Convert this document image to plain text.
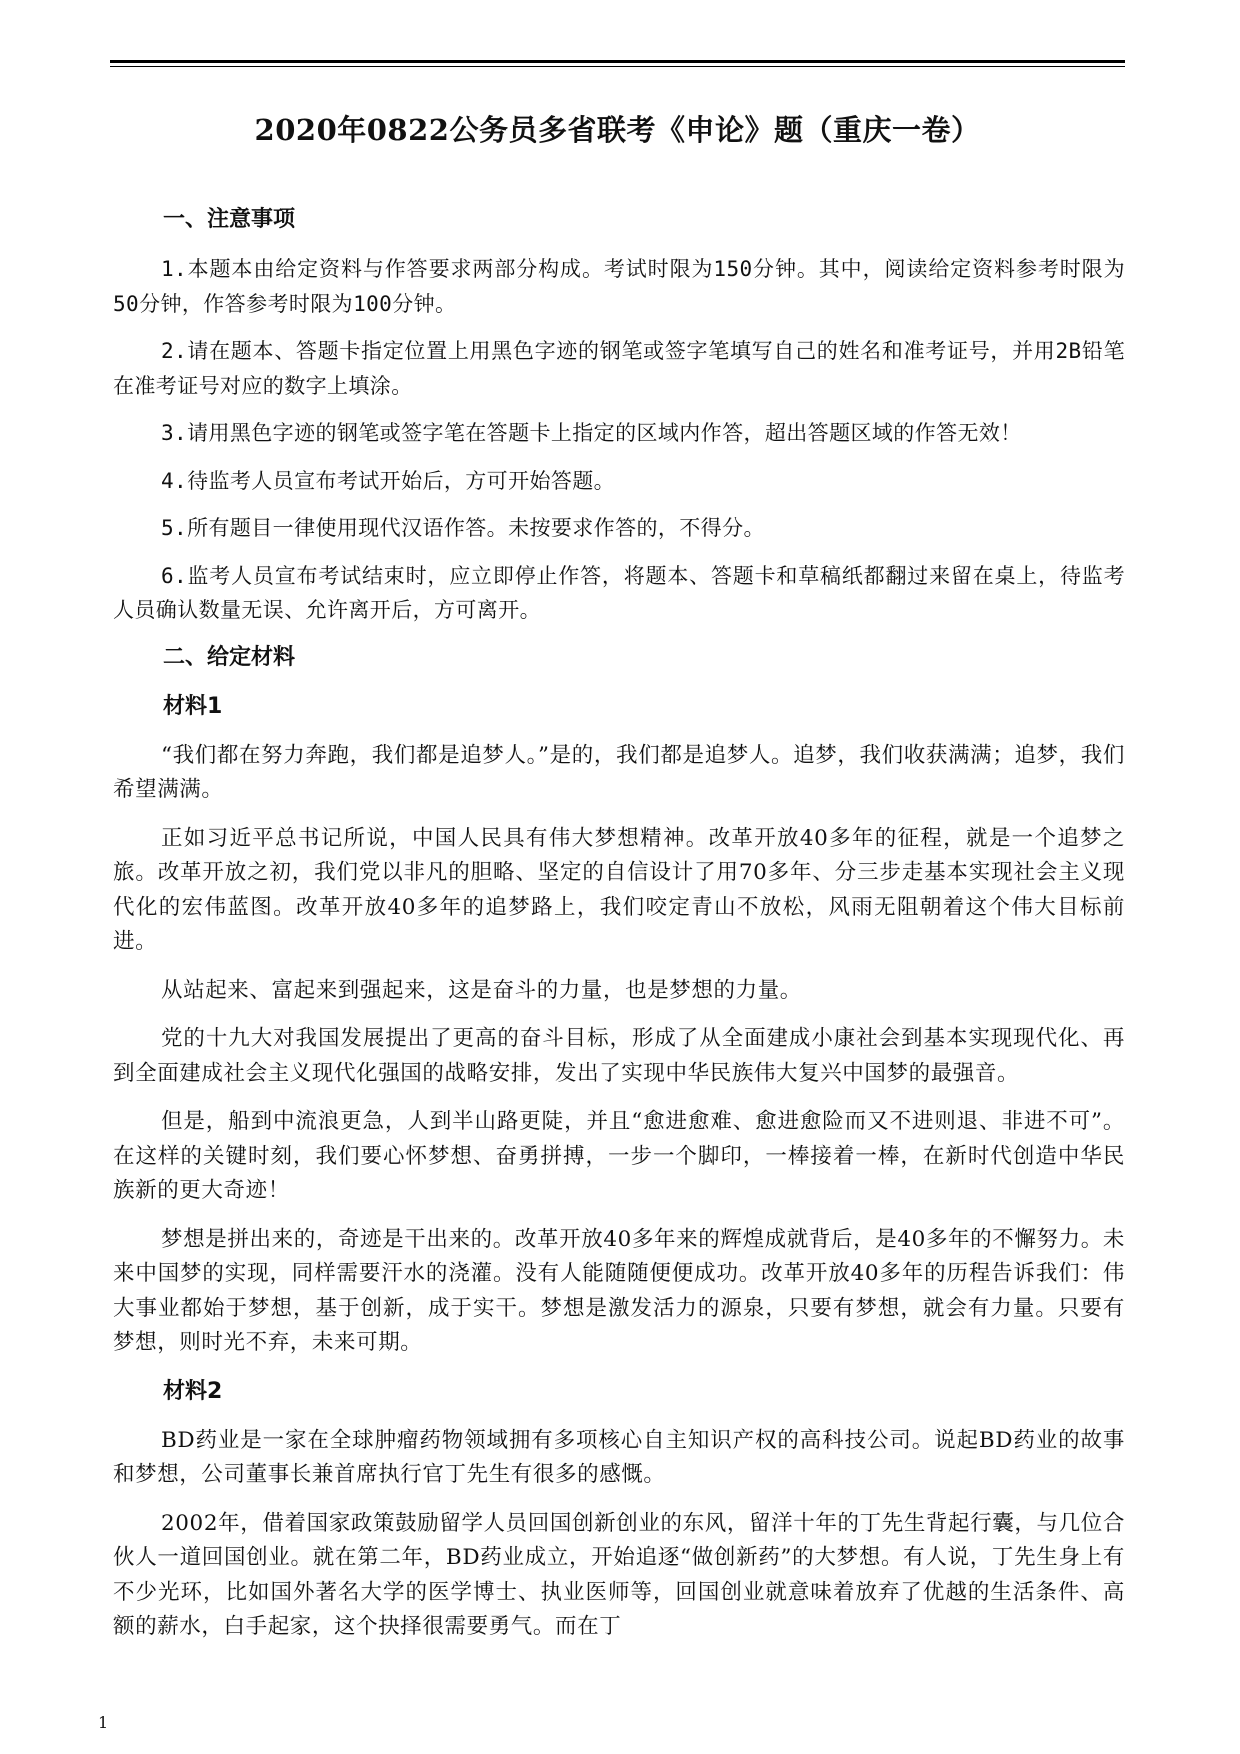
2020年0822公务员多省联考《申论》题（重庆一卷）
一、注意事项

1.本题本由给定资料与作答要求两部分构成。考试时限为150分钟。其中，阅读给定资料参考时限为50分钟，作答参考时限为100分钟。

2.请在题本、答题卡指定位置上用黑色字迹的钢笔或签字笔填写自己的姓名和准考证号，并用2B铅笔在准考证号对应的数字上填涂。

3.请用黑色字迹的钢笔或签字笔在答题卡上指定的区域内作答，超出答题区域的作答无效！

4.待监考人员宣布考试开始后，方可开始答题。

5.所有题目一律使用现代汉语作答。未按要求作答的，不得分。

6.监考人员宣布考试结束时，应立即停止作答，将题本、答题卡和草稿纸都翻过来留在桌上，待监考人员确认数量无误、允许离开后，方可离开。

二、给定材料
材料1

“我们都在努力奔跑，我们都是追梦人。”是的，我们都是追梦人。追梦，我们收获满满；追梦，我们希望满满。

正如习近平总书记所说，中国人民具有伟大梦想精神。改革开放40多年的征程，就是一个追梦之旅。改革开放之初，我们党以非凡的胆略、坚定的自信设计了用70多年、分三步走基本实现社会主义现代化的宏伟蓝图。改革开放40多年的追梦路上，我们咬定青山不放松，风雨无阻朝着这个伟大目标前进。

从站起来、富起来到强起来，这是奋斗的力量，也是梦想的力量。

党的十九大对我国发展提出了更高的奋斗目标，形成了从全面建成小康社会到基本实现现代化、再到全面建成社会主义现代化强国的战略安排，发出了实现中华民族伟大复兴中国梦的最强音。

但是，船到中流浪更急，人到半山路更陡，并且“愈进愈难、愈进愈险而又不进则退、非进不可”。在这样的关键时刻，我们要心怀梦想、奋勇拼搏，一步一个脚印，一棒接着一棒，在新时代创造中华民族新的更大奇迹！

梦想是拼出来的，奇迹是干出来的。改革开放40多年来的辉煌成就背后，是40多年的不懈努力。未来中国梦的实现，同样需要汗水的浇灌。没有人能随随便便成功。改革开放40多年的历程告诉我们：伟大事业都始于梦想，基于创新，成于实干。梦想是激发活力的源泉，只要有梦想，就会有力量。只要有梦想，则时光不弃，未来可期。

材料2

BD药业是一家在全球肿瘤药物领域拥有多项核心自主知识产权的高科技公司。说起BD药业的故事和梦想，公司董事长兼首席执行官丁先生有很多的感慨。

2002年，借着国家政策鼓励留学人员回国创新创业的东风，留洋十年的丁先生背起行囊，与几位合伙人一道回国创业。就在第二年，BD药业成立，开始追逐“做创新药”的大梦想。有人说，丁先生身上有不少光环，比如国外著名大学的医学博士、执业医师等，回国创业就意味着放弃了优越的生活条件、高额的薪水，白手起家，这个抉择很需要勇气。而在丁

1
